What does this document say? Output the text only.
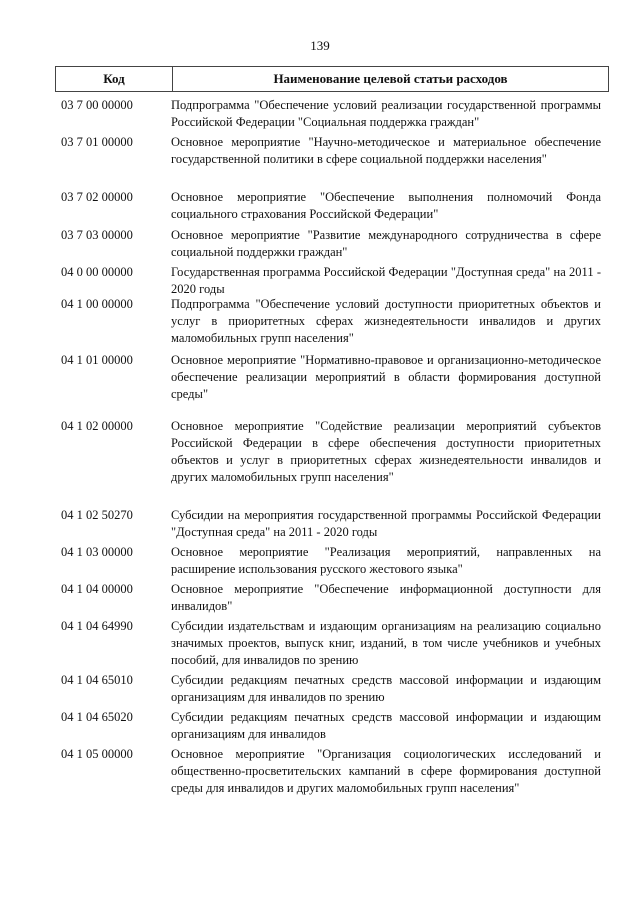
139
Код	Наименование целевой статьи расходов
03 7 00 00000	Подпрограмма "Обеспечение условий реализации государственной программы Российской Федерации "Социальная поддержка граждан"
03 7 01 00000	Основное мероприятие "Научно-методическое и материальное обеспечение государственной политики в сфере социальной поддержки населения"
03 7 02 00000	Основное мероприятие "Обеспечение выполнения полномочий Фонда социального страхования Российской Федерации"
03 7 03 00000	Основное мероприятие "Развитие международного сотрудничества в сфере социальной поддержки граждан"
04 0 00 00000	Государственная программа Российской Федерации "Доступная среда" на 2011 - 2020 годы
04 1 00 00000	Подпрограмма "Обеспечение условий доступности приоритетных объектов и услуг в приоритетных сферах жизнедеятельности инвалидов и других маломобильных групп населения"
04 1 01 00000	Основное мероприятие "Нормативно-правовое и организационно-методическое обеспечение реализации мероприятий в области формирования доступной среды"
04 1 02 00000	Основное мероприятие "Содействие реализации мероприятий субъектов Российской Федерации в сфере обеспечения доступности приоритетных объектов и услуг в приоритетных сферах жизнедеятельности инвалидов и других маломобильных групп населения"
04 1 02 50270	Субсидии на мероприятия государственной программы Российской Федерации "Доступная среда" на 2011 - 2020 годы
04 1 03 00000	Основное мероприятие "Реализация мероприятий, направленных на расширение использования русского жестового языка"
04 1 04 00000	Основное мероприятие "Обеспечение информационной доступности для инвалидов"
04 1 04 64990	Субсидии издательствам и издающим организациям на реализацию социально значимых проектов, выпуск книг, изданий, в том числе учебников и учебных пособий, для инвалидов по зрению
04 1 04 65010	Субсидии редакциям печатных средств массовой информации и издающим организациям для инвалидов по зрению
04 1 04 65020	Субсидии редакциям печатных средств массовой информации и издающим организациям для инвалидов
04 1 05 00000	Основное мероприятие "Организация социологических исследований и общественно-просветительских кампаний в сфере формирования доступной среды для инвалидов и других маломобильных групп населения"
